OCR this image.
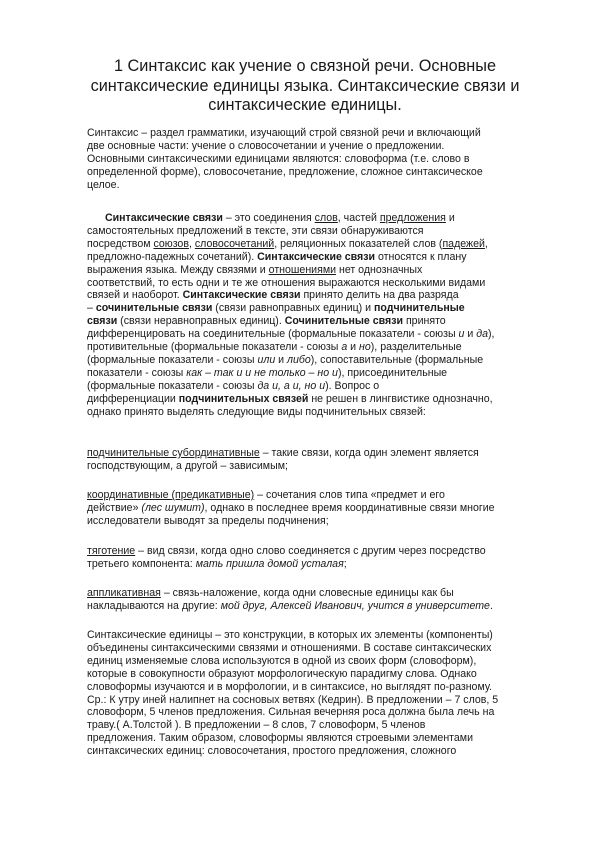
1 Синтаксис как учение о связной речи. Основные
синтаксические единицы языка. Синтаксические связи и
синтаксические единицы.
Синтаксис – раздел грамматики, изучающий строй связной речи и включающий
две основные части: учение о словосочетании и учение о предложении.
Основными синтаксическими единицами являются: словоформа (т.е. слово в
определенной форме), словосочетание, предложение, сложное синтаксическое
целое.
Синтаксические связи – это соединения слов, частей предложения и
самостоятельных предложений в тексте, эти связи обнаруживаются
посредством союзов, словосочетаний, реляционных показателей слов (падежей,
предложно-падежных сочетаний). Синтаксические связи относятся к плану
выражения языка. Между связями и отношениями нет однозначных
соответствий, то есть одни и те же отношения выражаются несколькими видами
связей и наоборот. Синтаксические связи принято делить на два разряда
– сочинительные связи (связи равноправных единиц) и подчинительные
связи (связи неравноправных единиц). Сочинительные связи принято
дифференцировать на соединительные (формальные показатели - союзы и и да),
противительные (формальные показатели - союзы а и но), разделительные
(формальные показатели - союзы или и либо), сопоставительные (формальные
показатели - союзы как – так и и не только – но и), присоединительные
(формальные показатели - союзы да и, а и, но и). Вопрос о
дифференциации подчинительных связей не решен в лингвистике однозначно,
однако принято выделять следующие виды подчинительных связей:
подчинительные субординативные – такие связи, когда один элемент является
господствующим, а другой – зависимым;
координативные (предикативные) – сочетания слов типа «предмет и его
действие» (лес шумит), однако в последнее время координативные связи многие
исследователи выводят за пределы подчинения;
тяготение – вид связи, когда одно слово соединяется с другим через посредство
третьего компонента: мать пришла домой усталая;
аппликативная – связь-наложение, когда одни словесные единицы как бы
накладываются на другие: мой друг, Алексей Иванович, учится в университете.
Синтаксические единицы – это конструкции, в которых их элементы (компоненты)
объединены синтаксическими связями и отношениями. В составе синтаксических
единиц изменяемые слова используются в одной из своих форм (словоформ),
которые в совокупности образуют морфологическую парадигму слова. Однако
словоформы изучаются и в морфологии, и в синтаксисе, но выглядят по-разному.
Ср.: К утру иней налипнет на сосновых ветвях (Кедрин). В предложении – 7 слов, 5
словоформ, 5 членов предложения. Сильная вечерняя роса должна была лечь на
траву.( А.Толстой ). В предложении – 8 слов, 7 словоформ, 5 членов
предложения. Таким образом, словоформы являются строевыми элементами
синтаксических единиц: словосочетания, простого предложения, сложного
